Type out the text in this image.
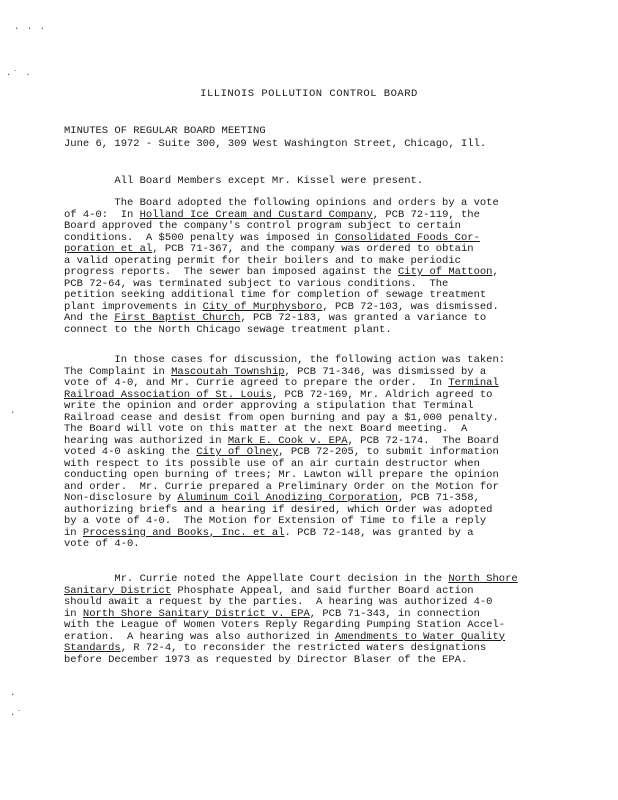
· · ·
·˙ ·
·
·
·˙
ILLINOIS POLLUTION CONTROL BOARD
MINUTES OF REGULAR BOARD MEETING
June 6, 1972 - Suite 300, 309 West Washington Street, Chicago, Ill.
All Board Members except Mr. Kissel were present.
The Board adopted the following opinions and orders by a vote
of 4-0:  In Holland Ice Cream and Custard Company, PCB 72-119, the
Board approved the company's control program subject to certain
conditions.  A $500 penalty was imposed in Consolidated Foods Cor-
poration et al, PCB 71-367, and the company was ordered to obtain
a valid operating permit for their boilers and to make periodic
progress reports.  The sewer ban imposed against the City of Mattoon,
PCB 72-64, was terminated subject to various conditions.  The
petition seeking additional time for completion of sewage treatment
plant improvements in City of Murphysboro, PCB 72-103, was dismissed.
And the First Baptist Church, PCB 72-183, was granted a variance to
connect to the North Chicago sewage treatment plant.
In those cases for discussion, the following action was taken:
The Complaint in Mascoutah Township, PCB 71-346, was dismissed by a
vote of 4-0, and Mr. Currie agreed to prepare the order.  In Terminal
Railroad Association of St. Louis, PCB 72-169, Mr. Aldrich agreed to
write the opinion and order approving a stipulation that Terminal
Railroad cease and desist from open burning and pay a $1,000 penalty.
The Board will vote on this matter at the next Board meeting.  A
hearing was authorized in Mark E. Cook v. EPA, PCB 72-174.  The Board
voted 4-0 asking the City of Olney, PCB 72-205, to submit information
with respect to its possible use of an air curtain destructor when
conducting open burning of trees; Mr. Lawton will prepare the opinion
and order.  Mr. Currie prepared a Preliminary Order on the Motion for
Non-disclosure by Aluminum Coil Anodizing Corporation, PCB 71-358,
authorizing briefs and a hearing if desired, which Order was adopted
by a vote of 4-0.  The Motion for Extension of Time to file a reply
in Processing and Books, Inc. et al. PCB 72-148, was granted by a
vote of 4-0.
Mr. Currie noted the Appellate Court decision in the North Shore
Sanitary District Phosphate Appeal, and said further Board action
should await a request by the parties.  A hearing was authorized 4-0
in North Shore Sanitary District v. EPA, PCB 71-343, in connection
with the League of Women Voters Reply Regarding Pumping Station Accel-
eration.  A hearing was also authorized in Amendments to Water Quality
Standards, R 72-4, to reconsider the restricted waters designations
before December 1973 as requested by Director Blaser of the EPA.
